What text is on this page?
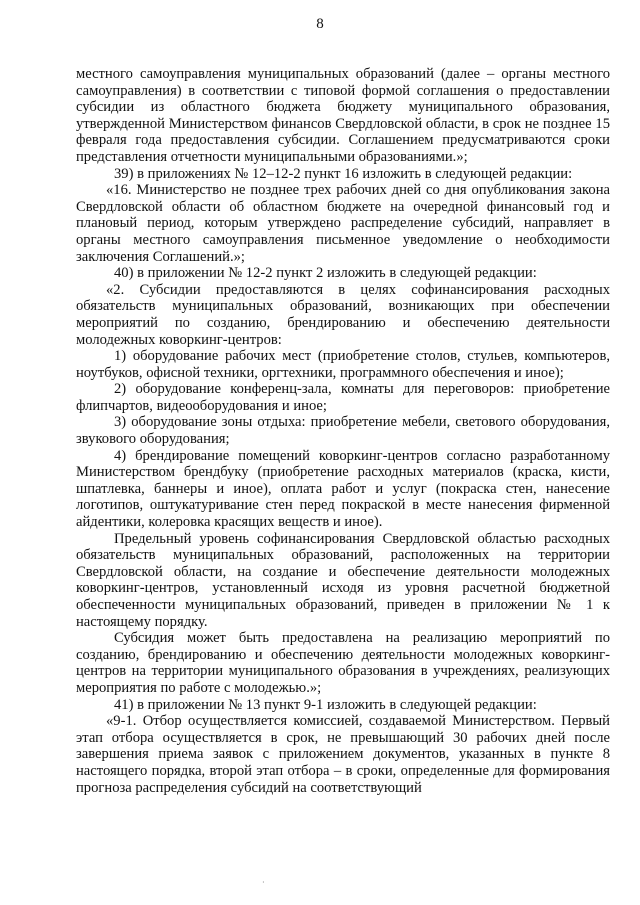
8

местного самоуправления муниципальных образований (далее – органы местного самоуправления) в соответствии с типовой формой соглашения о предоставлении субсидии из областного бюджета бюджету муниципального образования, утвержденной Министерством финансов Свердловской области, в срок не позднее 15 февраля года предоставления субсидии. Соглашением предусматриваются сроки представления отчетности муниципальными образованиями.»;

39) в приложениях № 12–12-2 пункт 16 изложить в следующей редакции:

«16. Министерство не позднее трех рабочих дней со дня опубликования закона Свердловской области об областном бюджете на очередной финансовый год и плановый период, которым утверждено распределение субсидий, направляет в органы местного самоуправления письменное уведомление о необходимости заключения Соглашений.»;

40) в приложении № 12-2 пункт 2 изложить в следующей редакции:

«2. Субсидии предоставляются в целях софинансирования расходных обязательств муниципальных образований, возникающих при обеспечении мероприятий по созданию, брендированию и обеспечению деятельности молодежных коворкинг-центров:

1) оборудование рабочих мест (приобретение столов, стульев, компьютеров, ноутбуков, офисной техники, оргтехники, программного обеспечения и иное);

2) оборудование конференц-зала, комнаты для переговоров: приобретение флипчартов, видеооборудования и иное;

3) оборудование зоны отдыха: приобретение мебели, светового оборудования, звукового оборудования;

4) брендирование помещений коворкинг-центров согласно разработанному Министерством брендбуку (приобретение расходных материалов (краска, кисти, шпатлевка, баннеры и иное), оплата работ и услуг (покраска стен, нанесение логотипов, оштукатуривание стен перед покраской в месте нанесения фирменной айдентики, колеровка красящих веществ и иное).

Предельный уровень софинансирования Свердловской областью расходных обязательств муниципальных образований, расположенных на территории Свердловской области, на создание и обеспечение деятельности молодежных коворкинг-центров, установленный исходя из уровня расчетной бюджетной обеспеченности муниципальных образований, приведен в приложении № 1 к настоящему порядку.

Субсидия может быть предоставлена на реализацию мероприятий по созданию, брендированию и обеспечению деятельности молодежных коворкинг-центров на территории муниципального образования в учреждениях, реализующих мероприятия по работе с молодежью.»;

41) в приложении № 13 пункт 9-1 изложить в следующей редакции:

«9-1. Отбор осуществляется комиссией, создаваемой Министерством. Первый этап отбора осуществляется в срок, не превышающий 30 рабочих дней после завершения приема заявок с приложением документов, указанных в пункте 8 настоящего порядка, второй этап отбора – в сроки, определенные для формирования прогноза распределения субсидий на соответствующий

·
